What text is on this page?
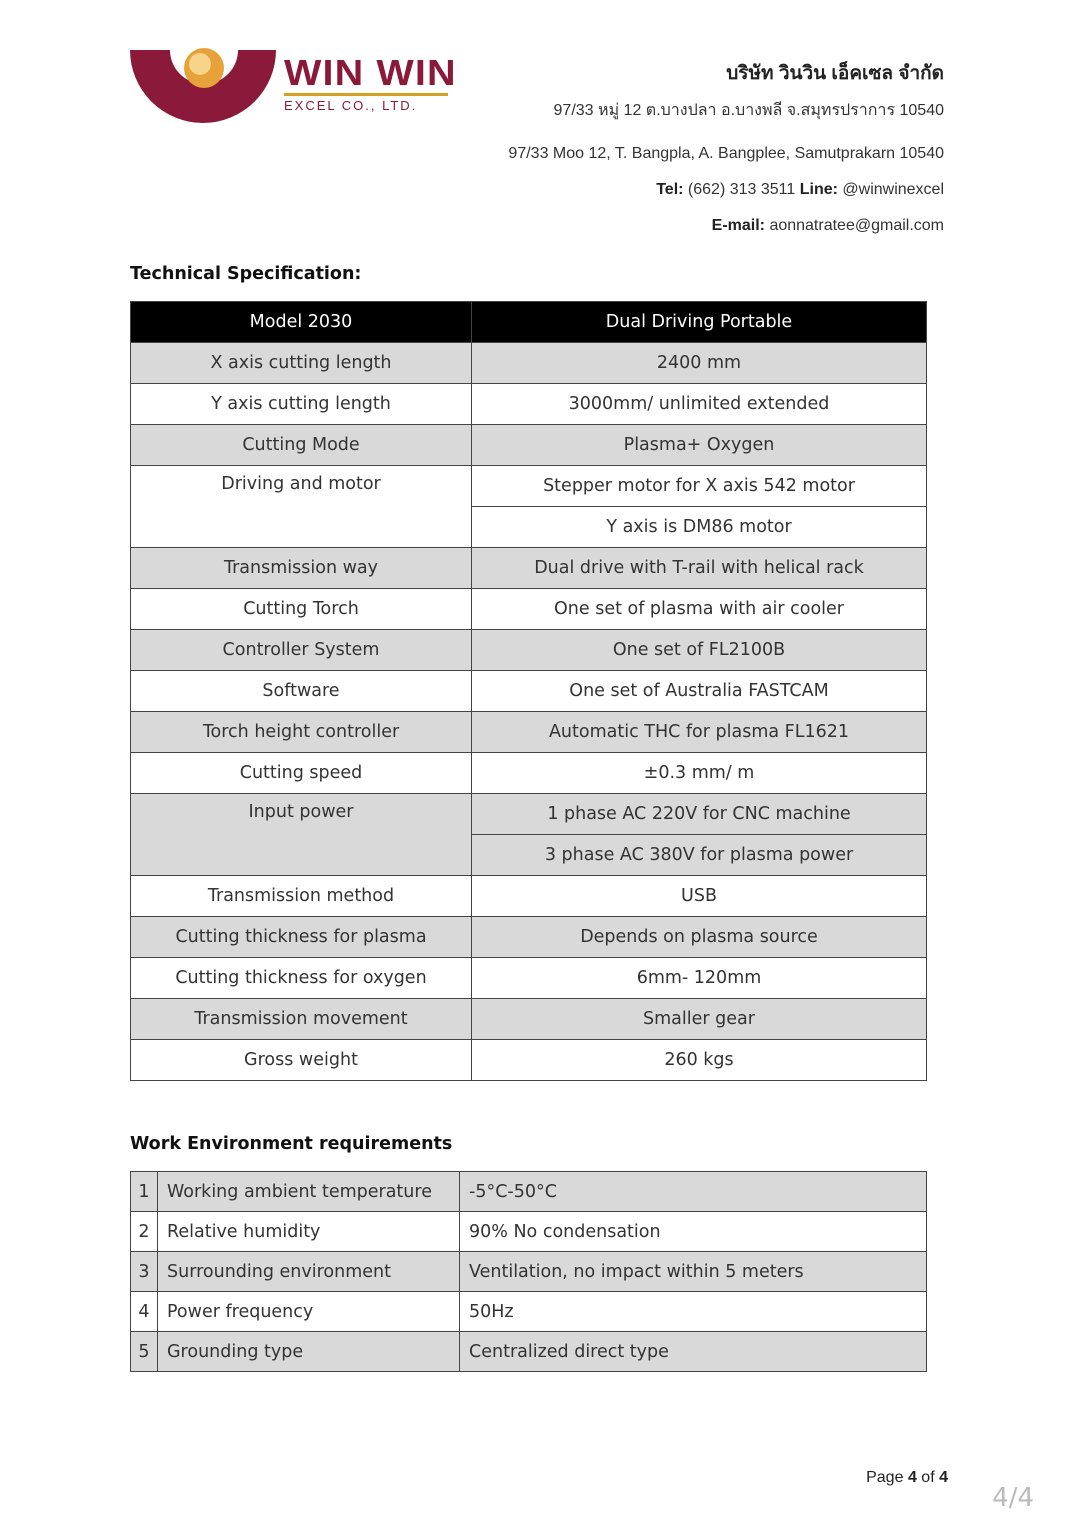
WIN WIN
EXCEL CO., LTD.
บริษัท วินวิน เอ็คเซล จำกัด
97/33 หมู่ 12 ต.บางปลา อ.บางพลี จ.สมุทรปราการ 10540
97/33 Moo 12, T. Bangpla, A. Bangplee, Samutprakarn 10540
Tel: (662) 313 3511 Line: @winwinexcel
E-mail: aonnatratee@gmail.com
Technical Specification:
Model 2030	Dual Driving Portable
X axis cutting length	2400 mm
Y axis cutting length	3000mm/ unlimited extended
Cutting Mode	Plasma+ Oxygen
Driving and motor	Stepper motor for X axis 542 motor
	Y axis is DM86 motor
Transmission way	Dual drive with T-rail with helical rack
Cutting Torch	One set of plasma with air cooler
Controller System	One set of FL2100B
Software	One set of Australia FASTCAM
Torch height controller	Automatic THC for plasma FL1621
Cutting speed	±0.3 mm/ m
Input power	1 phase AC 220V for CNC machine
	3 phase AC 380V for plasma power
Transmission method	USB
Cutting thickness for plasma	Depends on plasma source
Cutting thickness for oxygen	6mm- 120mm
Transmission movement	Smaller gear
Gross weight	260 kgs
Work Environment requirements
1	Working ambient temperature	-5°C-50°C
2	Relative humidity	90% No condensation
3	Surrounding environment	Ventilation, no impact within 5 meters
4	Power frequency	50Hz
5	Grounding type	Centralized direct type
Page 4 of 4
4/4
